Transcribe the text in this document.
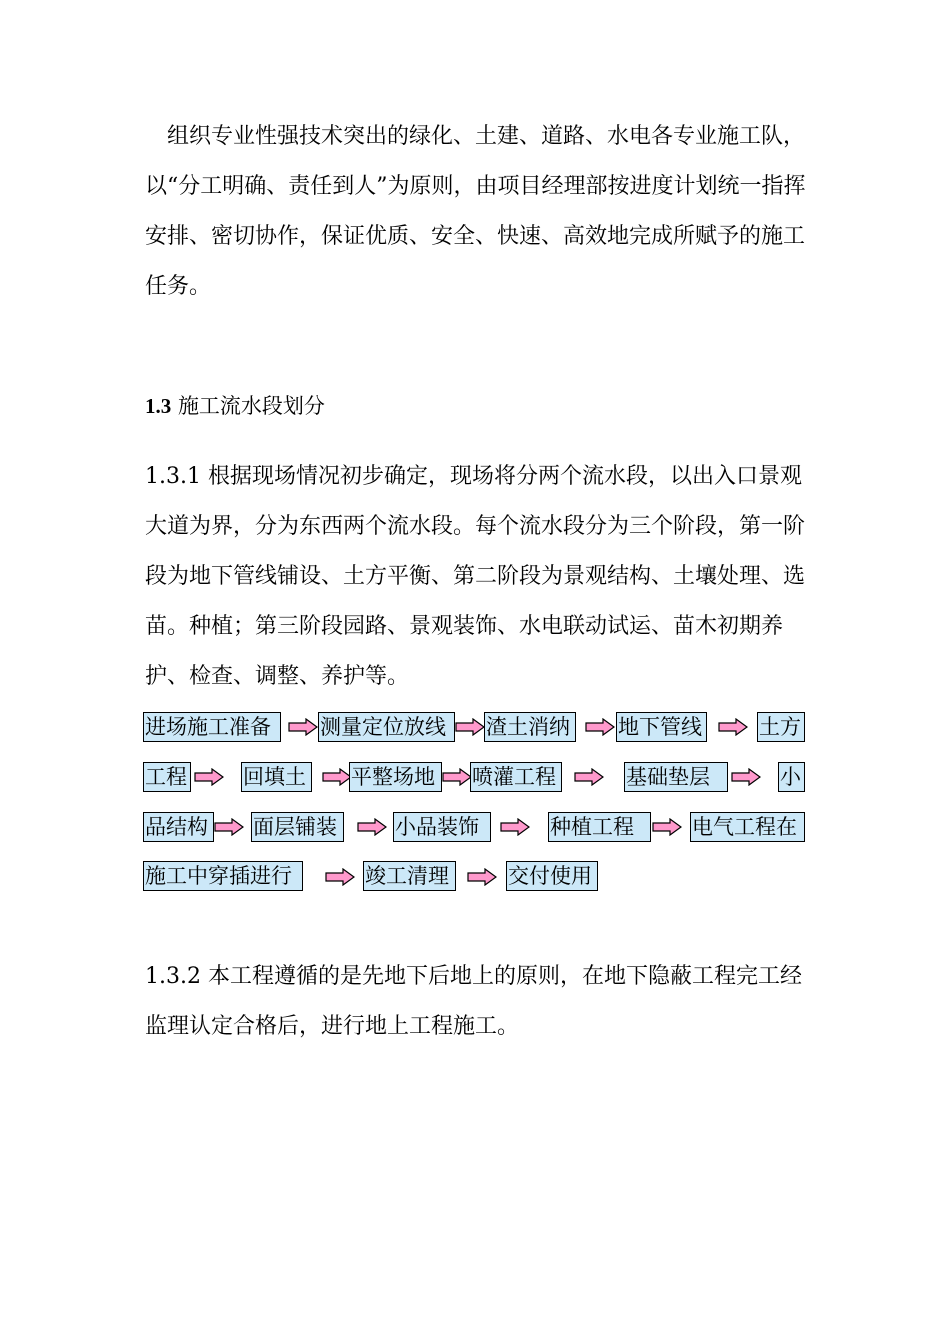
　组织专业性强技术突出的绿化、土建、道路、水电各专业施工队，以“分工明确、责任到人”为原则，由项目经理部按进度计划统一指挥安排、密切协作，保证优质、安全、快速、高效地完成所赋予的施工任务。

1.3 施工流水段划分

1.3.1 根据现场情况初步确定，现场将分两个流水段，以出入口景观大道为界，分为东西两个流水段。每个流水段分为三个阶段，第一阶段为地下管线铺设、土方平衡、第二阶段为景观结构、土壤处理、选苗。种植；第三阶段园路、景观装饰、水电联动试运、苗木初期养护、检查、调整、养护等。

进场施工准备	测量定位放线	渣土消纳 地下管线	土方
工程	回填土 平整场地	喷灌工程	基础垫层	小
品结构 面层铺装	小品装饰	种植工程	电气工程在
施工中穿插进行	竣工清理	交付使用

1.3.2 本工程遵循的是先地下后地上的原则，在地下隐蔽工程完工经监理认定合格后，进行地上工程施工。
